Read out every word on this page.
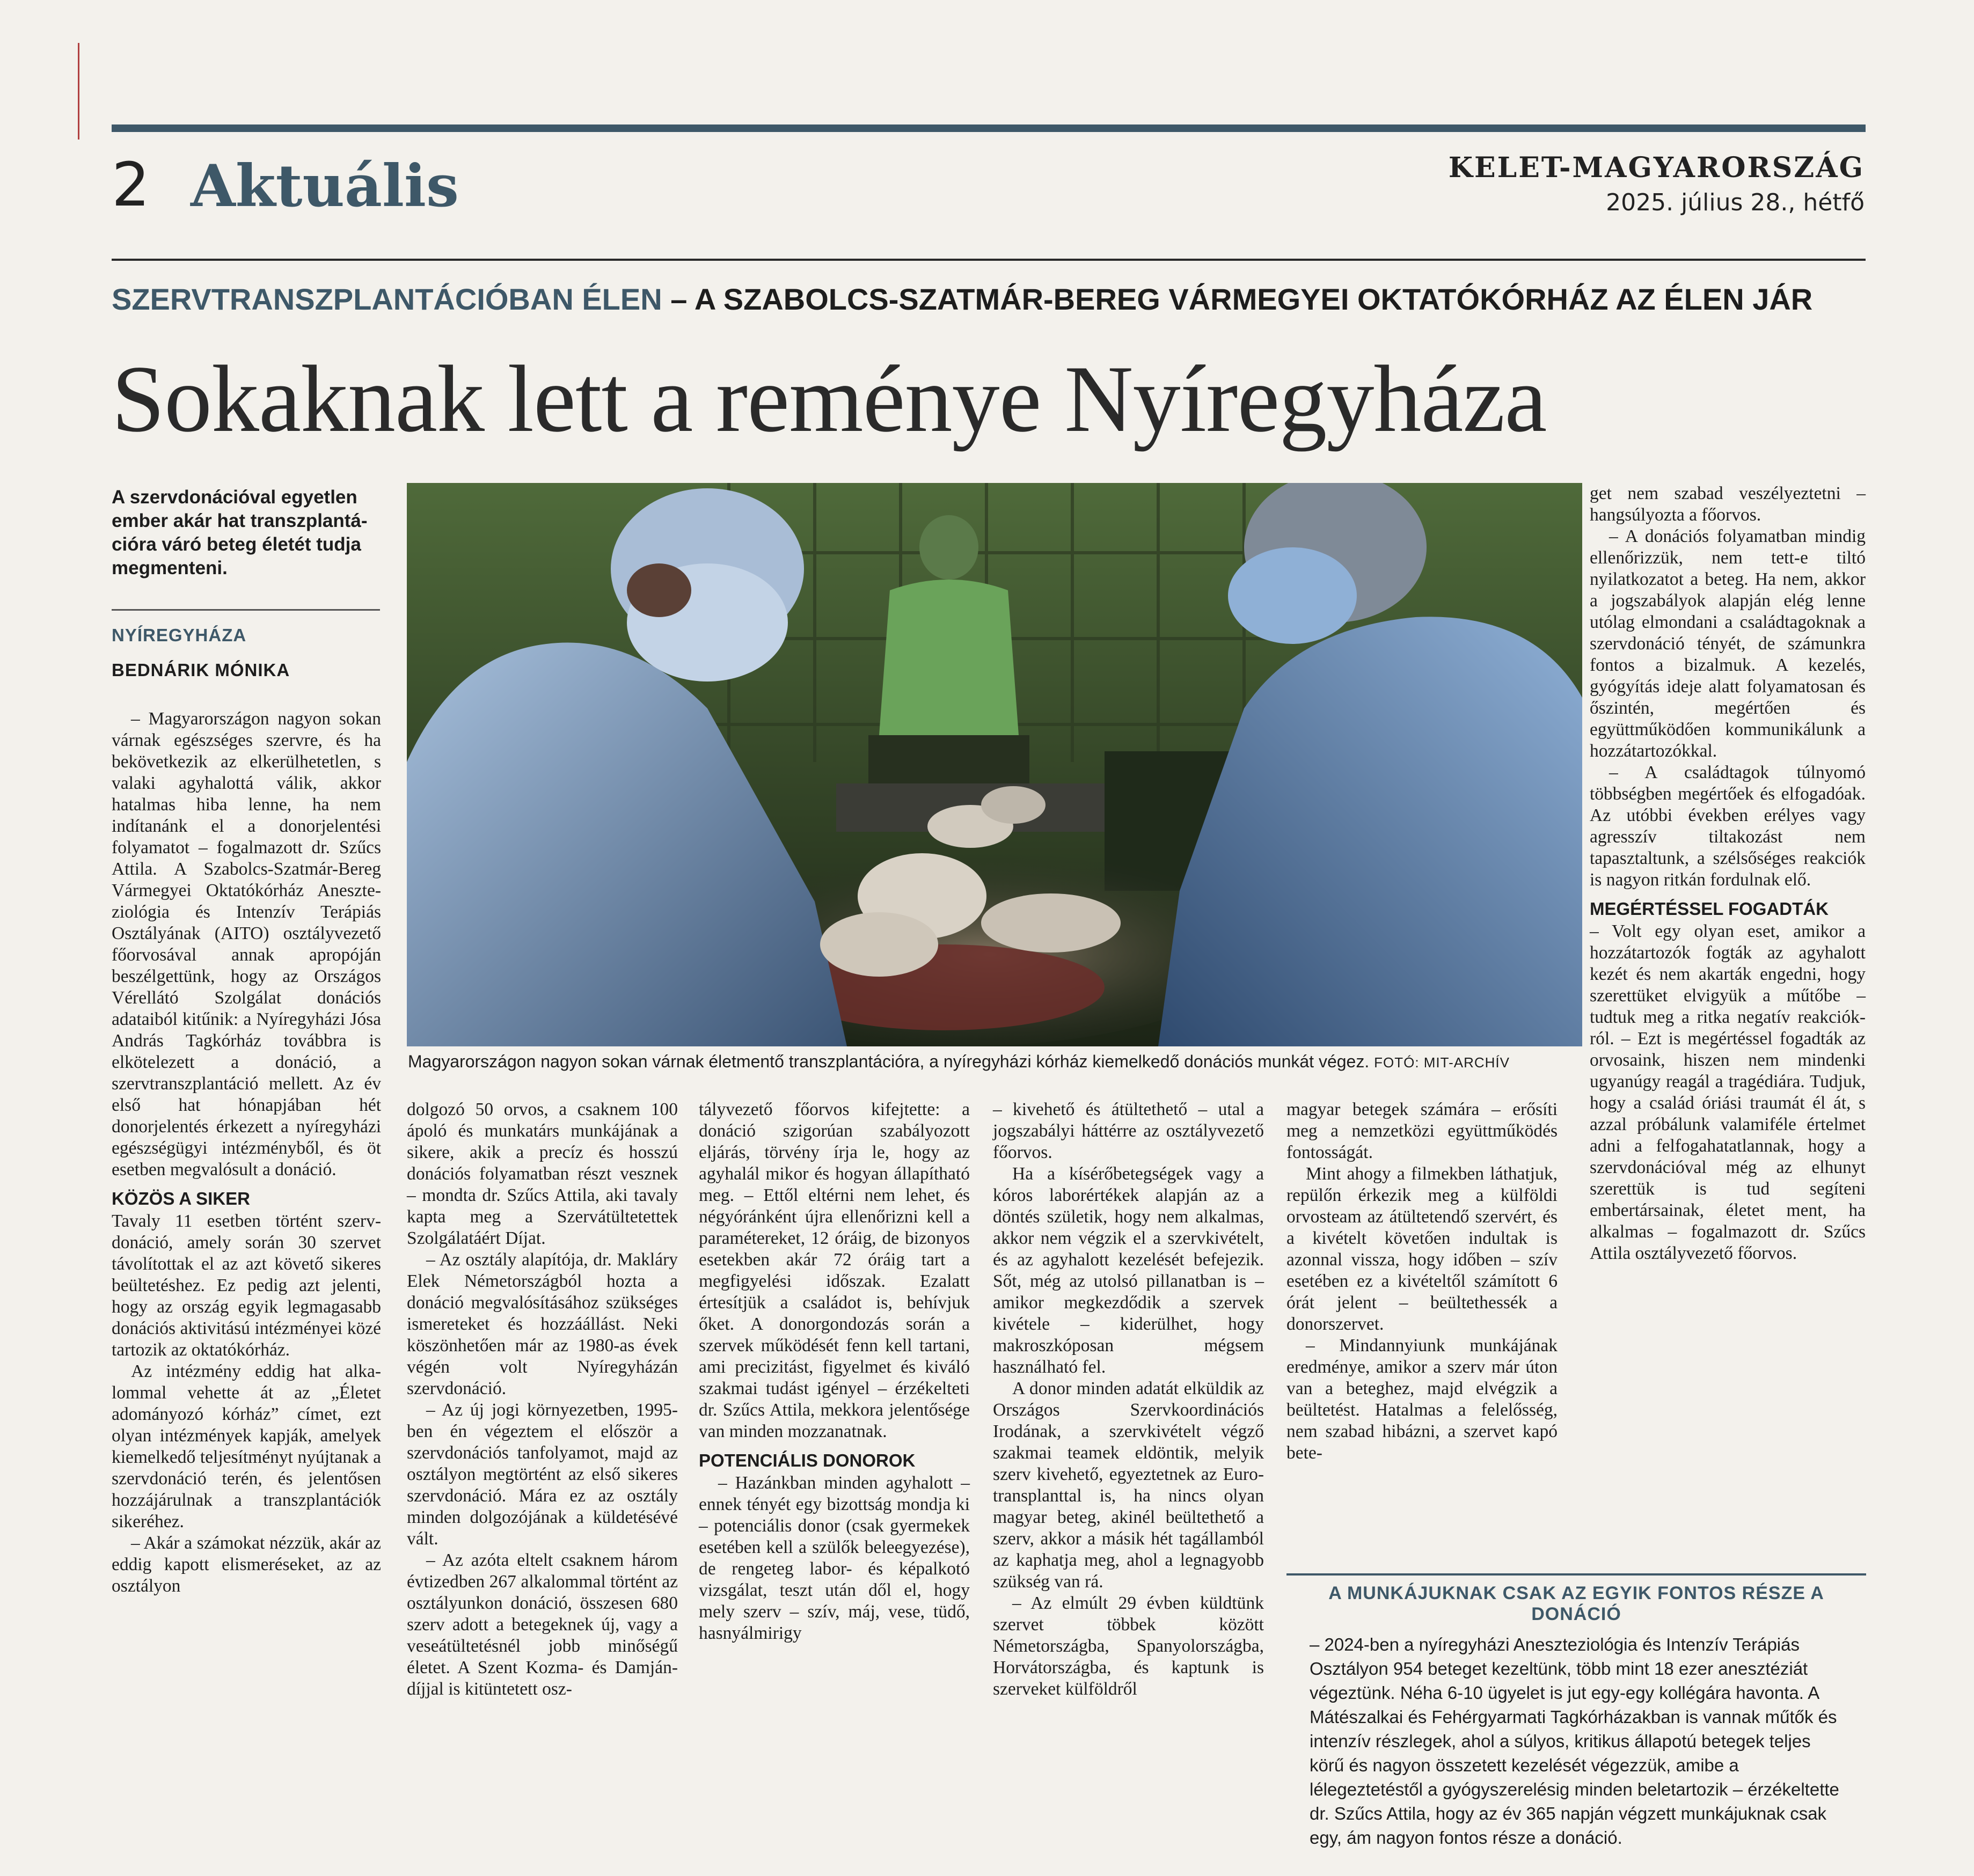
2 Aktuális	KELET-MAGYARORSZÁG
2025. július 28., hétfő
SZERVTRANSZPLANTÁCIÓBAN ÉLEN – A SZABOLCS-SZATMÁR-BEREG VÁRMEGYEI OKTATÓKÓRHÁZ AZ ÉLEN JÁR
Sokaknak lett a reménye Nyíregyháza
A szervdonációval egyetlen ember akár hat transzplantációra váró beteg életét tudja megmenteni.
NYÍREGYHÁZA
BEDNÁRIK MÓNIKA
Magyarországon nagyon sokan várnak életmentő transzplantációra, a nyíregyházi kórház kiemelkedő donációs munkát végez. FOTÓ: MIT-ARCHÍV

– Magyarországon nagyon sokan várnak egészséges szervre, és ha bekövetkezik az elkerülhetetlen, s valaki agyhalottá válik, akkor hatalmas hiba lenne, ha nem indítanánk el a donorjelentési folyamatot – fogalmazott dr. Szűcs Attila. A Szabolcs-Szatmár-Bereg Vármegyei Oktatókórház Aneszteziológia és Intenzív Terápiás Osztályának (AITO) osztályvezető főorvosával annak apropóján beszélgettünk, hogy az Országos Vérellátó Szolgálat donációs adataiból kitűnik: a Nyíregyházi Jósa András Tagkórház továbbra is elkötelezett a donáció, a szervtranszplantáció mellett. Az év első hat hónapjában hét donorjelentés érkezett a nyíregyházi egészségügyi intézményből, és öt esetben megvalósult a donáció.

KÖZÖS A SIKER

Tavaly 11 esetben történt szervdonáció, amely során 30 szervet távolítottak el az azt követő sikeres beültetéshez. Ez pedig azt jelenti, hogy az ország egyik legmagasabb donációs aktivitású intézményei közé tartozik az oktatókórház.

Az intézmény eddig hat alkalommal vehette át az „Életet adományozó kórház” címet, ezt olyan intézmények kapják, amelyek kiemelkedő teljesítményt nyújtanak a szervdonáció terén, és jelentősen hozzájárulnak a transzplantációk sikeréhez.

– Akár a számokat nézzük, akár az eddig kapott elismeréseket, az az osztályon

dolgozó 50 orvos, a csaknem 100 ápoló és munkatárs munkájának a sikere, akik a precíz és hosszú donációs folyamatban részt vesznek – mondta dr. Szűcs Attila, aki tavaly kapta meg a Szervátültetettek Szolgálatáért Díjat.

– Az osztály alapítója, dr. Makláry Elek Németországból hozta a donáció megvalósításához szükséges ismereteket és hozzáállást. Neki köszönhetően már az 1980-as évek végén volt Nyíregyházán szervdonáció.

– Az új jogi környezetben, 1995-ben én végeztem el először a szervdonációs tanfolyamot, majd az osztályon megtörtént az első sikeres szervdonáció. Mára ez az osztály minden dolgozójának a küldetésévé vált.

– Az azóta eltelt csaknem három évtizedben 267 alkalommal történt az osztályunkon donáció, összesen 680 szerv adott a betegeknek új, vagy a veseátültetésnél jobb minőségű életet. A Szent Kozma- és Damján-díjjal is kitüntetett osz-

tályvezető főorvos kifejtette: a donáció szigorúan szabályozott eljárás, törvény írja le, hogy az agyhalál mikor és hogyan állapítható meg. – Ettől eltérni nem lehet, és négyóránként újra ellenőrizni kell a paramétereket, 12 óráig, de bizonyos esetekben akár 72 óráig tart a megfigyelési időszak. Ezalatt értesítjük a családot is, behívjuk őket. A donorgondozás során a szervek működését fenn kell tartani, ami precizitást, figyelmet és kiváló szakmai tudást igényel – érzékelteti dr. Szűcs Attila, mekkora jelentősége van minden mozzanatnak.

POTENCIÁLIS DONOROK

– Hazánkban minden agyhalott – ennek tényét egy bizottság mondja ki – potenciális donor (csak gyermekek esetében kell a szülők beleegyezése), de rengeteg labor- és képalkotó vizsgálat, teszt után dől el, hogy mely szerv – szív, máj, vese, tüdő, hasnyálmirigy

– kivehető és átültethető – utal a jogszabályi háttérre az osztályvezető főorvos.

Ha a kísérőbetegségek vagy a kóros laborértékek alapján az a döntés születik, hogy nem alkalmas, akkor nem végzik el a szervkivételt, és az agyhalott kezelését befejezik. Sőt, még az utolsó pillanatban is – amikor megkezdődik a szervek kivétele – kiderülhet, hogy makroszkóposan mégsem használható fel.

A donor minden adatát elküldik az Országos Szervkoordinációs Irodának, a szervkivételt végző szakmai teamek eldöntik, melyik szerv kivehető, egyeztetnek az Eurotransplanttal is, ha nincs olyan magyar beteg, akinél beültethető a szerv, akkor a másik hét tagállamból az kaphatja meg, ahol a legnagyobb szükség van rá.

– Az elmúlt 29 évben küldtünk szervet többek között Németországba, Spanyolországba, Horvátországba, és kaptunk is szerveket külföldről

magyar betegek számára – erősíti meg a nemzetközi együttműködés fontosságát.

Mint ahogy a filmekben láthatjuk, repülőn érkezik meg a külföldi orvosteam az átültetendő szervért, és a kivételt követően indultak is azonnal vissza, hogy időben – szív esetében ez a kivételtől számított 6 órát jelent – beültethessék a donorszervet.

– Mindannyiunk munkájának eredménye, amikor a szerv már úton van a beteghez, majd elvégzik a beültetést. Hatalmas a felelősség, nem szabad hibázni, a szervet kapó bete-

get nem szabad veszélyeztetni – hangsúlyozta a főorvos.

– A donációs folyamatban mindig ellenőrizzük, nem tett-e tiltó nyilatkozatot a beteg. Ha nem, akkor a jogszabályok alapján elég lenne utólag elmondani a családtagoknak a szervdonáció tényét, de számunkra fontos a bizalmuk. A kezelés, gyógyítás ideje alatt folyamatosan és őszintén, megértően és együttműködően kommunikálunk a hozzátartozókkal.

– A családtagok túlnyomó többségben megértőek és elfogadóak. Az utóbbi években erélyes vagy agresszív tiltakozást nem tapasztaltunk, a szélsőséges reakciók is nagyon ritkán fordulnak elő.

MEGÉRTÉSSEL FOGADTÁK

– Volt egy olyan eset, amikor a hozzátartozók fogták az agyhalott kezét és nem akarták engedni, hogy szerettüket elvigyük a műtőbe – tudtuk meg a ritka negatív reakciókról. – Ezt is megértéssel fogadták az orvosaink, hiszen nem mindenki ugyanúgy reagál a tragédiára. Tudjuk, hogy a család óriási traumát él át, s azzal próbálunk valamiféle értelmet adni a felfogahatatlannak, hogy a szervdonációval még az elhunyt szerettük is tud segíteni embertársainak, életet ment, ha alkalmas – fogalmazott dr. Szűcs Attila osztályvezető főorvos.

A MUNKÁJUKNAK CSAK AZ EGYIK FONTOS RÉSZE A DONÁCIÓ
– 2024-ben a nyíregyházi Aneszteziológia és Intenzív Terápiás Osztályon 954 beteget kezeltünk, több mint 18 ezer anesztéziát végeztünk. Néha 6-10 ügyelet is jut egy-egy kollégára havonta. A Mátészalkai és Fehérgyarmati Tagkórházakban is vannak műtők és intenzív részlegek, ahol a súlyos, kritikus állapotú betegek teljes körű és nagyon összetett kezelését végezzük, amibe a lélegeztetéstől a gyógyszerelésig minden beletartozik – érzékeltette dr. Szűcs Attila, hogy az év 365 napján végzett munkájuknak csak egy, ám nagyon fontos része a donáció.
